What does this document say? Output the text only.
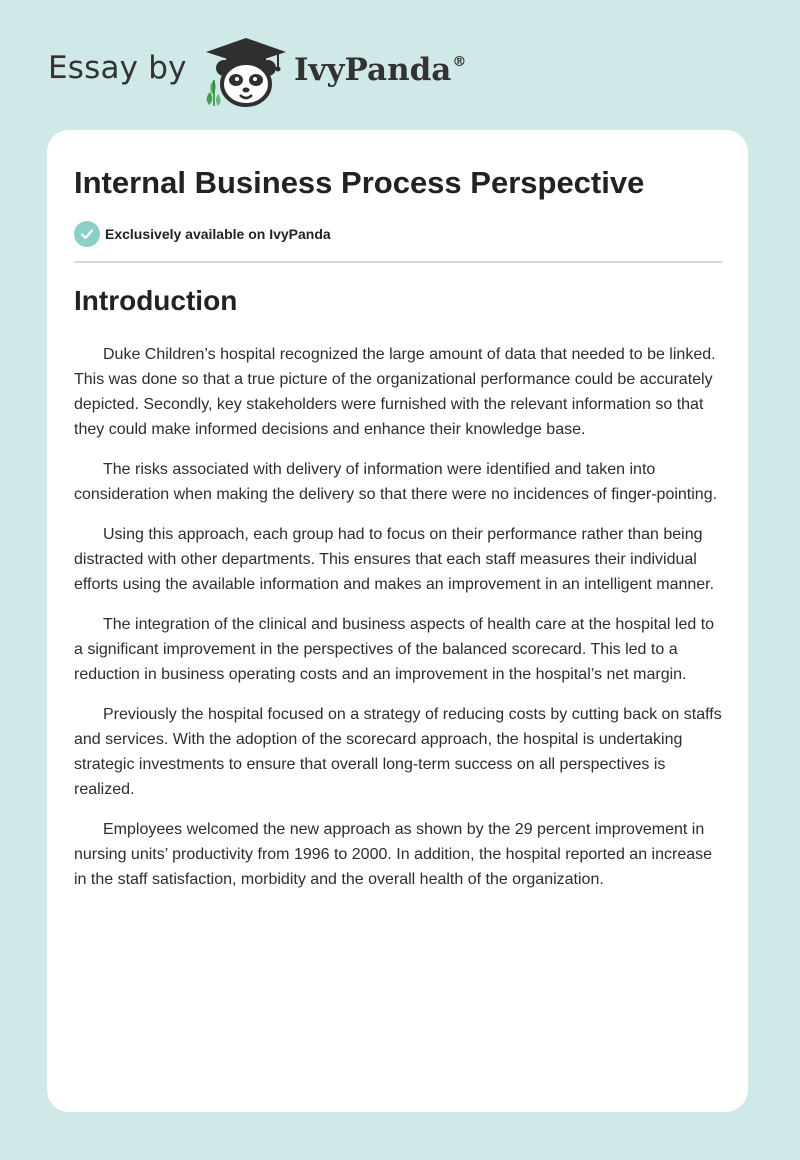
Essay by	IvyPanda®
Internal Business Process Perspective
Exclusively available on IvyPanda
Introduction

Duke Children’s hospital recognized the large amount of data that needed to be linked. This was done so that a true picture of the organizational performance could be accurately depicted. Secondly, key stakeholders were furnished with the relevant information so that they could make informed decisions and enhance their knowledge base.

The risks associated with delivery of information were identified and taken into consideration when making the delivery so that there were no incidences of finger-pointing.

Using this approach, each group had to focus on their performance rather than being distracted with other departments. This ensures that each staff measures their individual efforts using the available information and makes an improvement in an intelligent manner.

The integration of the clinical and business aspects of health care at the hospital led to a significant improvement in the perspectives of the balanced scorecard. This led to a reduction in business operating costs and an improvement in the hospital’s net margin.

Previously the hospital focused on a strategy of reducing costs by cutting back on staffs and services. With the adoption of the scorecard approach, the hospital is undertaking strategic investments to ensure that overall long-term success on all perspectives is realized.

Employees welcomed the new approach as shown by the 29 percent improvement in nursing units’ productivity from 1996 to 2000. In addition, the hospital reported an increase in the staff satisfaction, morbidity and the overall health of the organization.
